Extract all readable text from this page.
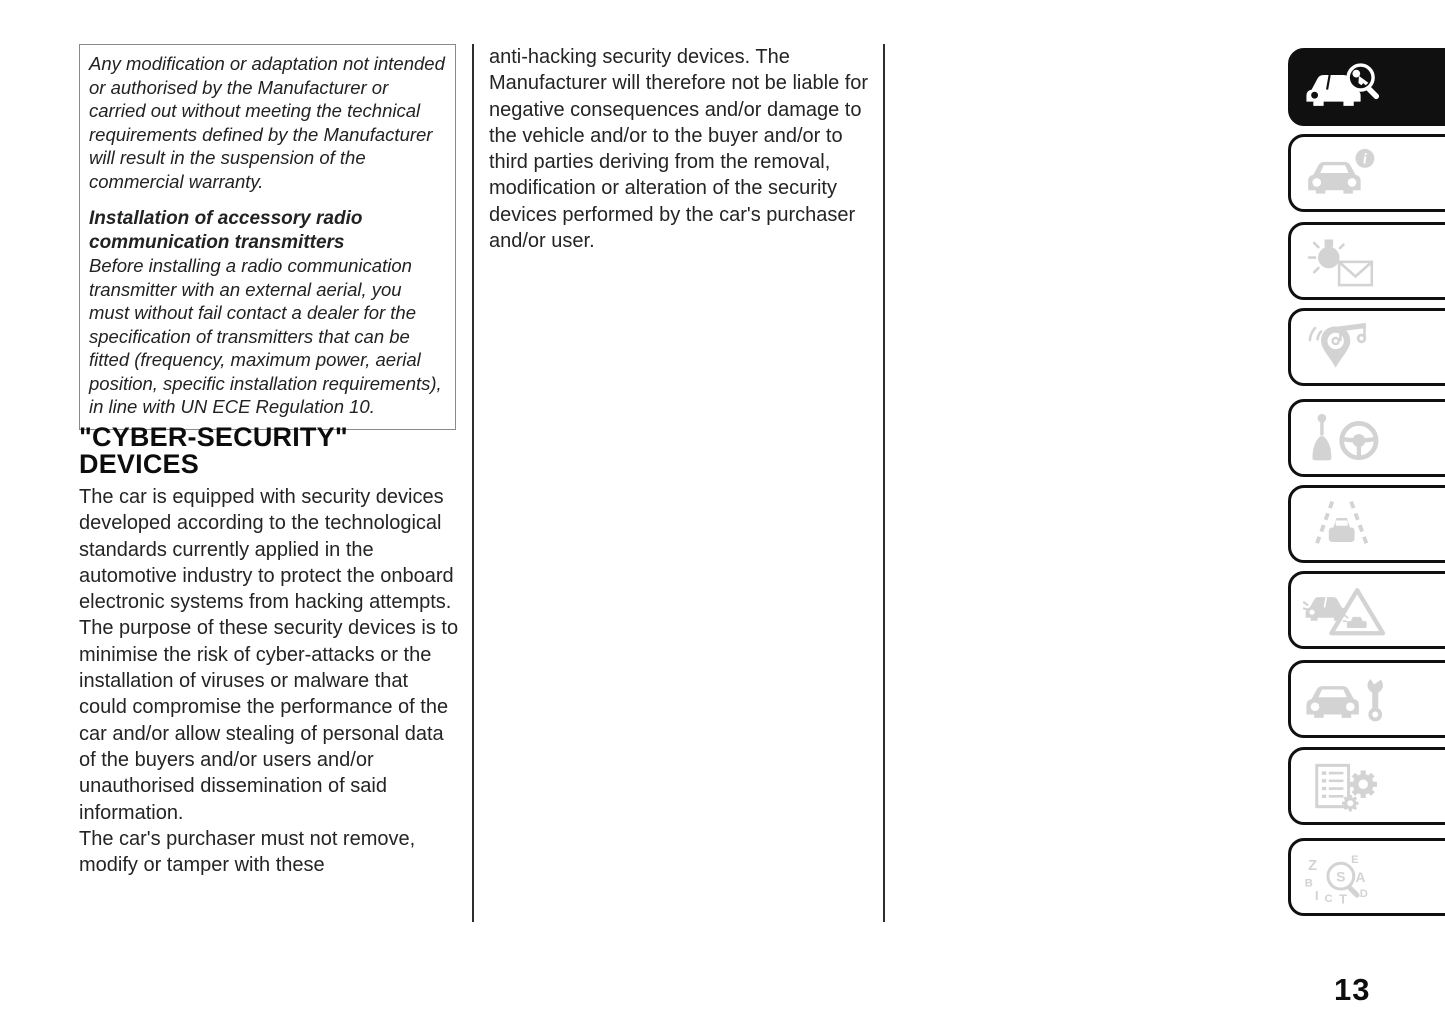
Any modification or adaptation not intended or authorised by the Manufacturer or carried out without meeting the technical requirements defined by the Manufacturer will result in the suspension of the commercial warranty.

Installation of accessory radio communication transmitters

Before installing a radio communication transmitter with an external aerial, you must without fail contact a dealer for the specification of transmitters that can be fitted (frequency, maximum power, aerial position, specific installation requirements), in line with UN ECE Regulation 10.

"CYBER-SECURITY"
DEVICES

The car is equipped with security devices developed according to the technological standards currently applied in the automotive industry to protect the onboard electronic systems from hacking attempts.

The purpose of these security devices is to minimise the risk of cyber-attacks or the installation of viruses or malware that could compromise the performance of the car and/or allow stealing of personal data of the buyers and/or users and/or unauthorised dissemination of said information.

The car's purchaser must not remove, modify or tamper with these

anti-hacking security devices. The Manufacturer will therefore not be liable for negative consequences and/or damage to the vehicle and/or to the buyer and/or to third parties deriving from the removal, modification or alteration of the security devices performed by the car's purchaser and/or user.

i
Z	E
B	A
I C T D
S
13
